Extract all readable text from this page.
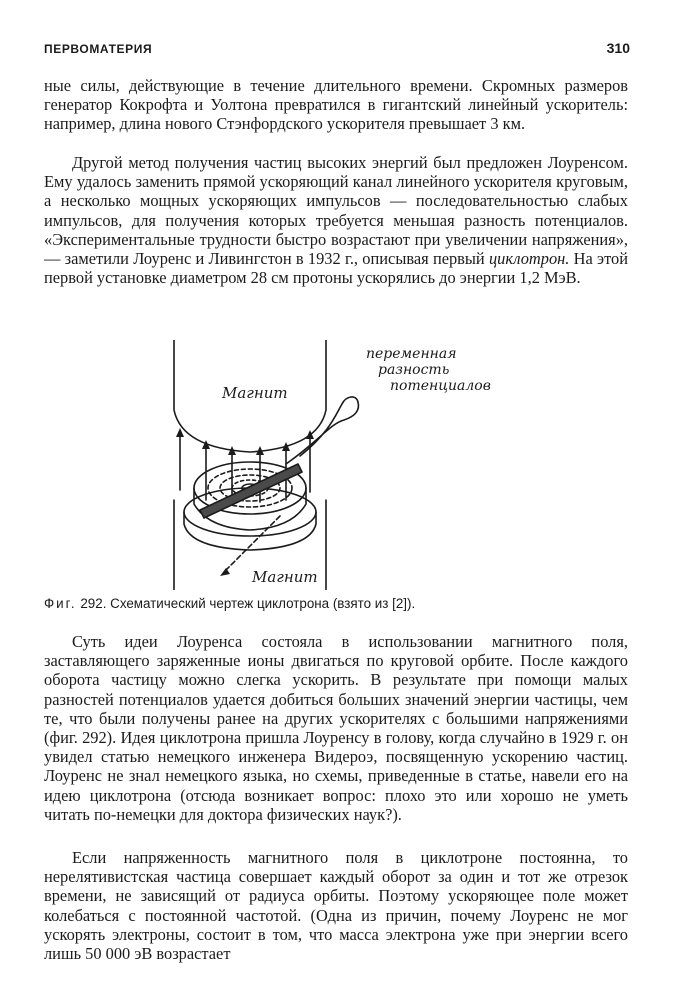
ПЕРВОМАТЕРИЯ	310

ные силы, действующие в течение длительного времени. Скромных размеров генератор Кокрофта и Уолтона превратился в гигантский линейный ускоритель: например, длина нового Стэнфордского ускорителя превышает 3 км.

Другой метод получения частиц высоких энергий был предложен Лоуренсом. Ему удалось заменить прямой ускоряющий канал линейного ускорителя круговым, а несколько мощных ускоряющих импульсов — последовательностью слабых импульсов, для получения которых требуется меньшая разность потенциалов. «Экспериментальные трудности быстро возрастают при увеличении напряжения»,— заметили Лоуренс и Ливингстон в 1932 г., описывая первый циклотрон. На этой первой установке диаметром 28 см протоны ускорялись до энергии 1,2 МэВ.

Магнит
Магнит
переменная
разность
потенциалов
Фиг. 292. Схематический чертеж циклотрона (взято из [2]).

Суть идеи Лоуренса состояла в использовании магнитного поля, заставляющего заряженные ионы двигаться по круговой орбите. После каждого оборота частицу можно слегка ускорить. В результате при помощи малых разностей потенциалов удается добиться больших значений энергии частицы, чем те, что были получены ранее на других ускорителях с большими напряжениями (фиг. 292). Идея циклотрона пришла Лоуренсу в голову, когда случайно в 1929 г. он увидел статью немецкого инженера Видероэ, посвященную ускорению частиц. Лоуренс не знал немецкого языка, но схемы, приведенные в статье, навели его на идею циклотрона (отсюда возникает вопрос: плохо это или хорошо не уметь читать по-немецки для доктора физических наук?).

Если напряженность магнитного поля в циклотроне постоянна, то нерелятивистская частица совершает каждый оборот за один и тот же отрезок времени, не зависящий от радиуса орбиты. Поэтому ускоряющее поле может колебаться с постоянной частотой. (Одна из причин, почему Лоуренс не мог ускорять электроны, состоит в том, что масса электрона уже при энергии всего лишь 50 000 эВ возрастает
